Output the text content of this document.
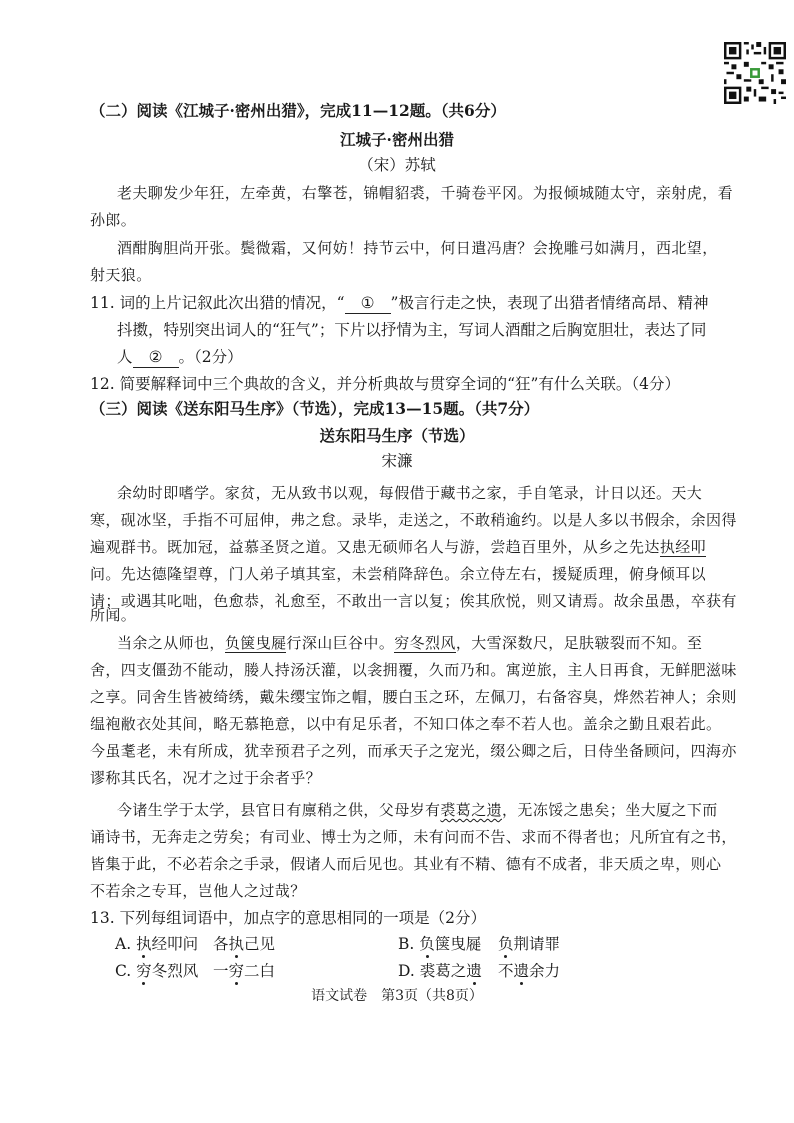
（二）阅读《江城子·密州出猎》，完成11—12题。（共6分）
江城子·密州出猎
（宋）苏轼
老夫聊发少年狂，左牵黄，右擎苍，锦帽貂裘，千骑卷平冈。为报倾城随太守，亲射虎，看
孙郎。
酒酣胸胆尚开张。鬓微霜，又何妨！持节云中，何日遣冯唐？会挽雕弓如满月，西北望，
射天狼。
11. 词的上片记叙此次出猎的情况，“ ① ”极言行走之快，表现了出猎者情绪高昂、精神
抖擞，特别突出词人的“狂气”；下片以抒情为主，写词人酒酣之后胸宽胆壮，表达了同
人 ② 。（2分）
12. 简要解释词中三个典故的含义，并分析典故与贯穿全词的“狂”有什么关联。（4分）
（三）阅读《送东阳马生序》（节选），完成13—15题。（共7分）
送东阳马生序（节选）
宋濂
余幼时即嗜学。家贫，无从致书以观，每假借于藏书之家，手自笔录，计日以还。天大
寒，砚冰坚，手指不可屈伸，弗之怠。录毕，走送之，不敢稍逾约。以是人多以书假余，余因得
遍观群书。既加冠，益慕圣贤之道。又患无硕师名人与游，尝趋百里外，从乡之先达执经叩
问。先达德隆望尊，门人弟子填其室，未尝稍降辞色。余立侍左右，援疑质理，俯身倾耳以
请；或遇其叱咄，色愈恭，礼愈至，不敢出一言以复；俟其欣悦，则又请焉。故余虽愚，卒获有
所闻。
当余之从师也，负箧曳屣行深山巨谷中。穷冬烈风，大雪深数尺，足肤皲裂而不知。至
舍，四支僵劲不能动，媵人持汤沃灌，以衾拥覆，久而乃和。寓逆旅，主人日再食，无鲜肥滋味
之享。同舍生皆被绮绣，戴朱缨宝饰之帽，腰白玉之环，左佩刀，右备容臭，烨然若神人；余则
缊袍敝衣处其间，略无慕艳意，以中有足乐者，不知口体之奉不若人也。盖余之勤且艰若此。
今虽耄老，未有所成，犹幸预君子之列，而承天子之宠光，缀公卿之后，日侍坐备顾问，四海亦
谬称其氏名，况才之过于余者乎？
今诸生学于太学，县官日有廪稍之供，父母岁有裘葛之遗，无冻馁之患矣；坐大厦之下而
诵诗书，无奔走之劳矣；有司业、博士为之师，未有问而不告、求而不得者也；凡所宜有之书，
皆集于此，不必若余之手录，假诸人而后见也。其业有不精、德有不成者，非天质之卑，则心
不若余之专耳，岂他人之过哉？
13. 下列每组词语中，加点字的意思相同的一项是（2分）
A. 执经叩问 各执己见	B. 负箧曳屣 负荆请罪
C. 穷冬烈风 一穷二白	D. 裘葛之遗 不遗余力
语文试卷　第3页（共8页）
